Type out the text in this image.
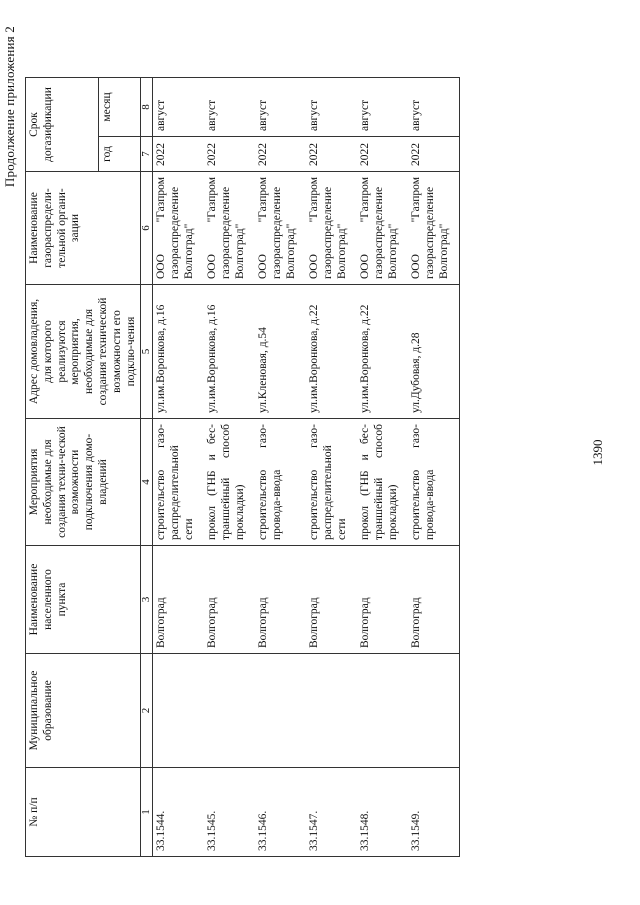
Продолжение приложения 2
№ п/п	Муниципальное образование	Наименование населенного пункта	Мероприятия необходимые для создания техни-ческой возможности подключения домо-владений	Адрес домовладения, для которого реализуются мероприятия, необходимые для создания технической возможности его подклю-чения	Наименование газораспредели-тельной органи-зации	Срок догазификации	
						год	месяц
1	2	3	4	5	6	7	8
33.1544.		Волгоград	строительство газо-распределительной сети	ул.им.Воронкова, д.16	ООО "Газпром газораспределение Волгоград"	2022	август
33.1545.		Волгоград	прокол (ГНБ и бес-траншейный способ прокладки)	ул.им.Воронкова, д.16	ООО "Газпром газораспределение Волгоград"	2022	август
33.1546.		Волгоград	строительство газо-провода-ввода	ул.Кленовая, д.54	ООО "Газпром газораспределение Волгоград"	2022	август
33.1547.		Волгоград	строительство газо-распределительной сети	ул.им.Воронкова, д.22	ООО "Газпром газораспределение Волгоград"	2022	август
33.1548.		Волгоград	прокол (ГНБ и бес-траншейный способ прокладки)	ул.им.Воронкова, д.22	ООО "Газпром газораспределение Волгоград"	2022	август
33.1549.		Волгоград	строительство газо-провода-ввода	ул.Дубовая, д.28	ООО "Газпром газораспределение Волгоград"	2022	август
1390
